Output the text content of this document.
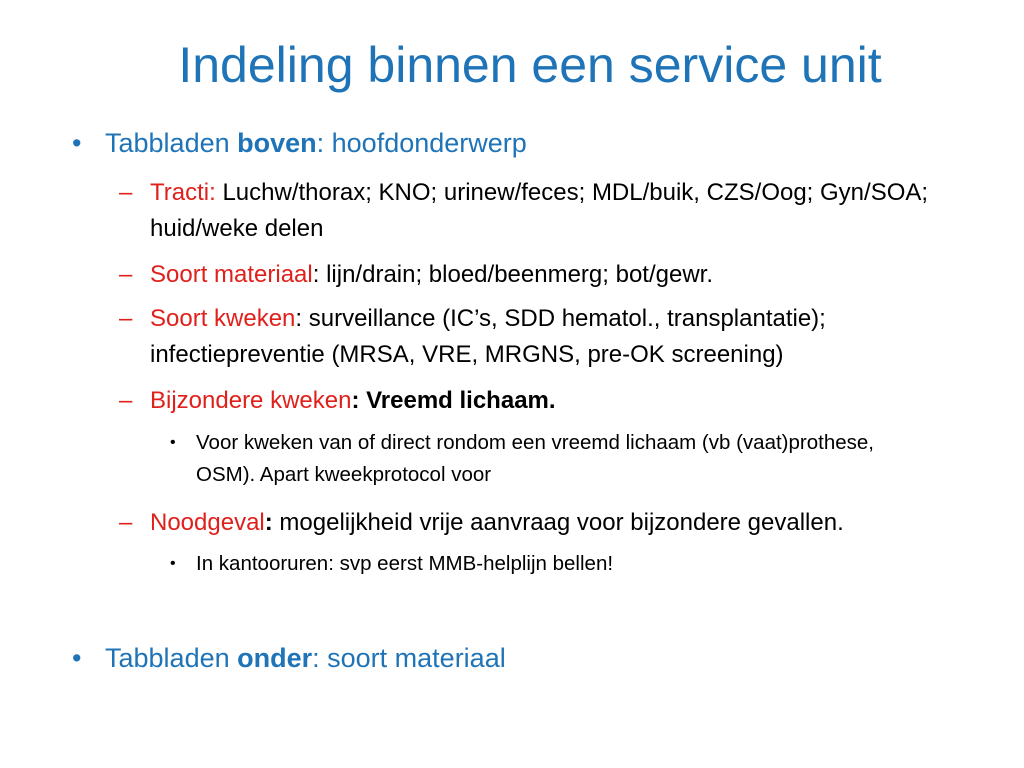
Indeling binnen een service unit
• Tabbladen boven: hoofdonderwerp
– Tracti: Luchw/thorax; KNO; urinew/feces; MDL/buik, CZS/Oog; Gyn/SOA; huid/weke delen
– Soort materiaal: lijn/drain; bloed/beenmerg; bot/gewr.
– Soort kweken: surveillance (IC’s, SDD hematol., transplantatie); infectiepreventie (MRSA, VRE, MRGNS, pre-OK screening)
– Bijzondere kweken: Vreemd lichaam.
• Voor kweken van of direct rondom een vreemd lichaam (vb (vaat)prothese, OSM). Apart kweekprotocol voor
– Noodgeval: mogelijkheid vrije aanvraag voor bijzondere gevallen.
• In kantooruren: svp eerst MMB-helplijn bellen!
• Tabbladen onder: soort materiaal
